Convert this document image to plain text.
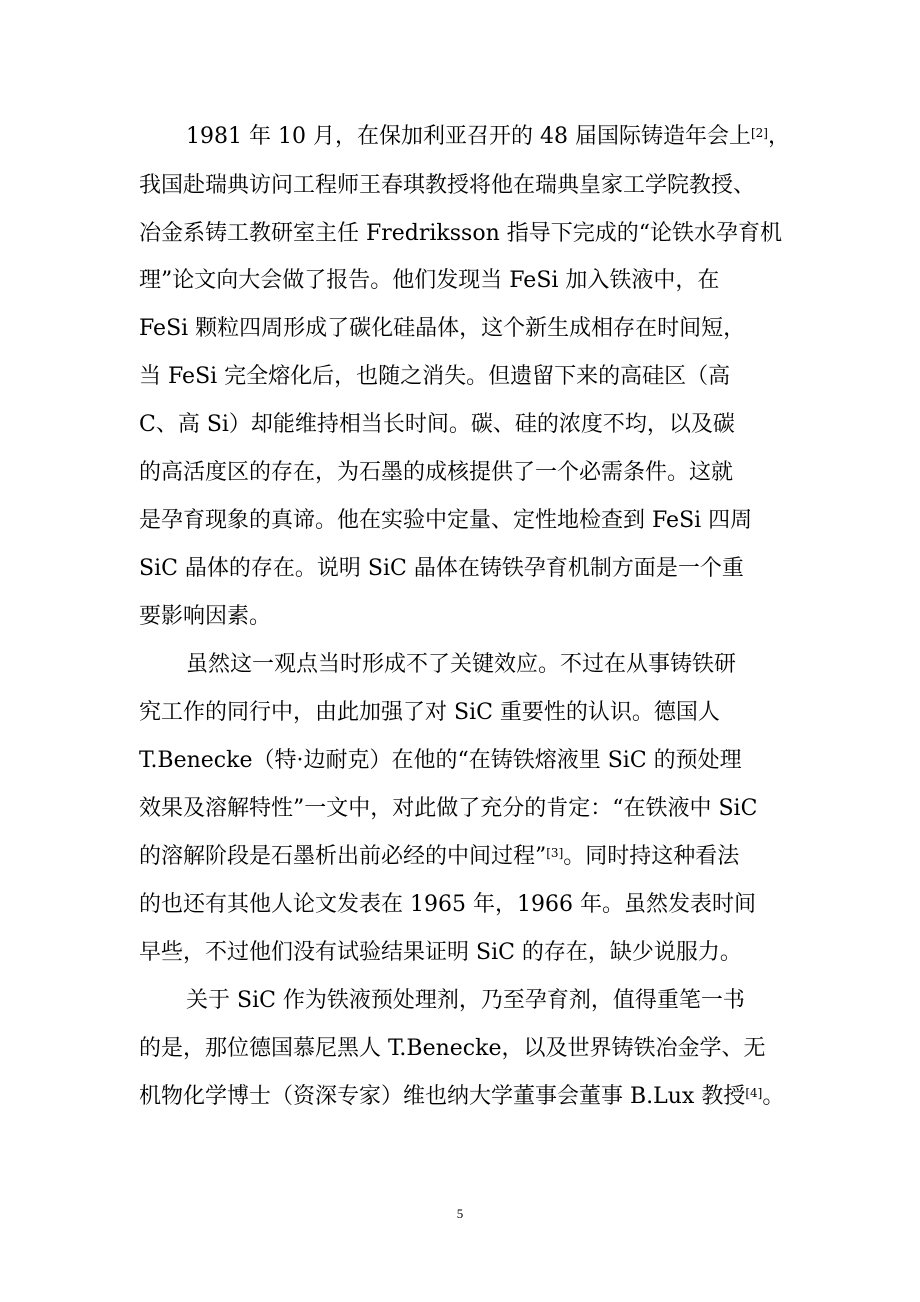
1981 年 10 月，在保加利亚召开的 48 届国际铸造年会上[2]，
我国赴瑞典访问工程师王春琪教授将他在瑞典皇家工学院教授、
冶金系铸工教研室主任 Fredriksson 指导下完成的“论铁水孕育机
理”论文向大会做了报告。他们发现当 FeSi 加入铁液中，在
FeSi 颗粒四周形成了碳化硅晶体，这个新生成相存在时间短，
当 FeSi 完全熔化后，也随之消失。但遗留下来的高硅区（高
C、高 Si）却能维持相当长时间。碳、硅的浓度不均，以及碳
的高活度区的存在，为石墨的成核提供了一个必需条件。这就
是孕育现象的真谛。他在实验中定量、定性地检查到 FeSi 四周
SiC 晶体的存在。说明 SiC 晶体在铸铁孕育机制方面是一个重
要影响因素。
虽然这一观点当时形成不了关键效应。不过在从事铸铁研
究工作的同行中，由此加强了对 SiC 重要性的认识。德国人
T.Benecke（特·边耐克）在他的“在铸铁熔液里 SiC 的预处理
效果及溶解特性”一文中，对此做了充分的肯定：“在铁液中 SiC
的溶解阶段是石墨析出前必经的中间过程”[3]。同时持这种看法
的也还有其他人论文发表在 1965 年，1966 年。虽然发表时间
早些，不过他们没有试验结果证明 SiC 的存在，缺少说服力。
关于 SiC 作为铁液预处理剂，乃至孕育剂，值得重笔一书
的是，那位德国慕尼黑人 T.Benecke，以及世界铸铁冶金学、无
机物化学博士（资深专家）维也纳大学董事会董事 B.Lux 教授[4]。
5
